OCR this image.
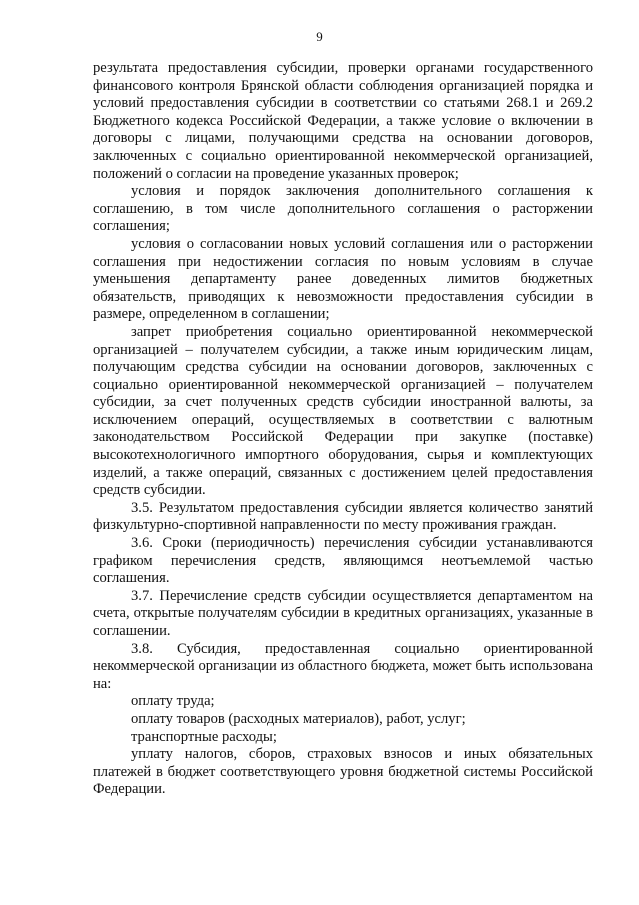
9

результата предоставления субсидии, проверки органами государственного финансового контроля Брянской области соблюдения организацией порядка и условий предоставления субсидии в соответствии со статьями 268.1 и 269.2 Бюджетного кодекса Российской Федерации, а также условие о включении в договоры с лицами, получающими средства на основании договоров, заключенных с социально ориентированной некоммерческой организацией, положений о согласии на проведение указанных проверок;

условия и порядок заключения дополнительного соглашения к соглашению, в том числе дополнительного соглашения о расторжении соглашения;

условия о согласовании новых условий соглашения или о расторжении соглашения при недостижении согласия по новым условиям в случае уменьшения департаменту ранее доведенных лимитов бюджетных обязательств, приводящих к невозможности предоставления субсидии в размере, определенном в соглашении;

запрет приобретения социально ориентированной некоммерческой организацией – получателем субсидии, а также иным юридическим лицам, получающим средства субсидии на основании договоров, заключенных с социально ориентированной некоммерческой организацией – получателем субсидии, за счет полученных средств субсидии иностранной валюты, за исключением операций, осуществляемых в соответствии с валютным законодательством Российской Федерации при закупке (поставке) высокотехнологичного импортного оборудования, сырья и комплектующих изделий, а также операций, связанных с достижением целей предоставления средств субсидии.

3.5. Результатом предоставления субсидии является количество занятий физкультурно-спортивной направленности по месту проживания граждан.

3.6. Сроки (периодичность) перечисления субсидии устанавливаются графиком перечисления средств, являющимся неотъемлемой частью соглашения.

3.7. Перечисление средств субсидии осуществляется департаментом на счета, открытые получателям субсидии в кредитных организациях, указанные в соглашении.

3.8. Субсидия, предоставленная социально ориентированной некоммерческой организации из областного бюджета, может быть использована на:

оплату труда;

оплату товаров (расходных материалов), работ, услуг;

транспортные расходы;

уплату налогов, сборов, страховых взносов и иных обязательных платежей в бюджет соответствующего уровня бюджетной системы Российской Федерации.
